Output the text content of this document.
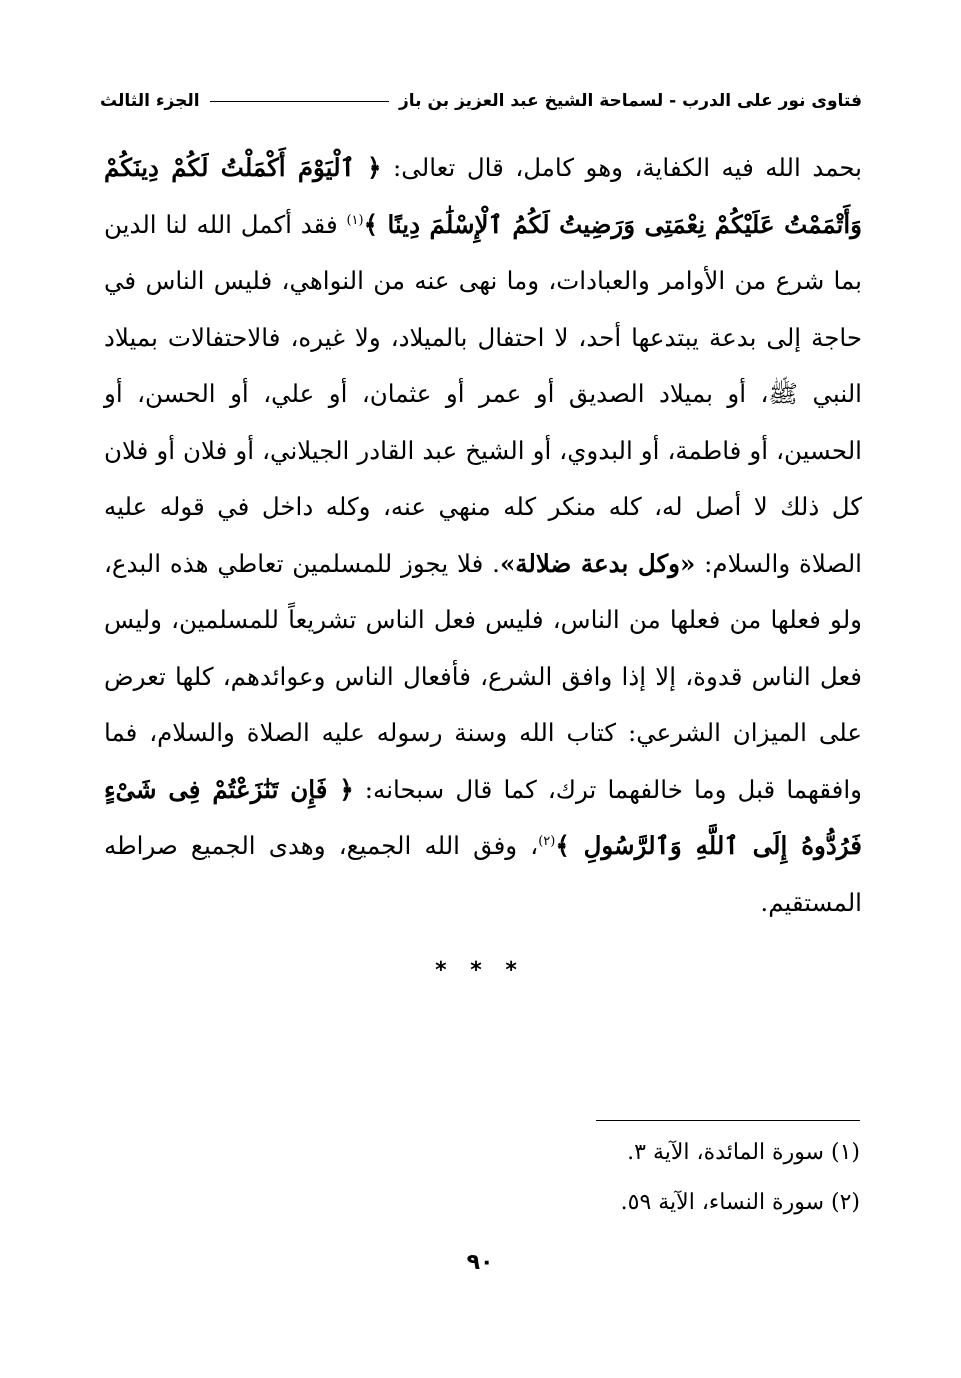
فتاوى نور على الدرب - لسماحة الشيخ عبد العزيز بن باز
الجزء الثالث

بحمد الله فيه الكفاية، وهو كامل، قال تعالى: ﴿ ٱلْيَوْمَ أَكْمَلْتُ لَكُمْ دِينَكُمْ وَأَتْمَمْتُ عَلَيْكُمْ نِعْمَتِى وَرَضِيتُ لَكُمُ ٱلْإِسْلَٰمَ دِينًا ﴾$^{(١)}$ فقد أكمل الله لنا الدين بما شرع من الأوامر والعبادات، وما نهى عنه من النواهي، فليس الناس في حاجة إلى بدعة يبتدعها أحد، لا احتفال بالميلاد، ولا غيره، فالاحتفالات بميلاد النبي ﷺ، أو بميلاد الصديق أو عمر أو عثمان، أو علي، أو الحسن، أو الحسين، أو فاطمة، أو البدوي، أو الشيخ عبد القادر الجيلاني، أو فلان أو فلان كل ذلك لا أصل له، كله منكر كله منهي عنه، وكله داخل في قوله عليه الصلاة والسلام: «وكل بدعة ضلالة». فلا يجوز للمسلمين تعاطي هذه البدع، ولو فعلها من فعلها من الناس، فليس فعل الناس تشريعاً للمسلمين، وليس فعل الناس قدوة، إلا إذا وافق الشرع، فأفعال الناس وعوائدهم، كلها تعرض على الميزان الشرعي: كتاب الله وسنة رسوله عليه الصلاة والسلام، فما وافقهما قبل وما خالفهما ترك، كما قال سبحانه: ﴿ فَإِن تَنَٰزَعْتُمْ فِى شَىْءٍ فَرُدُّوهُ إِلَى ٱللَّهِ وَٱلرَّسُولِ ﴾$^{(٢)}$، وفق الله الجميع، وهدى الجميع صراطه المستقيم.

* * *
(١) سورة المائدة، الآية ٣.
(٢) سورة النساء، الآية ٥٩.
٩٠
